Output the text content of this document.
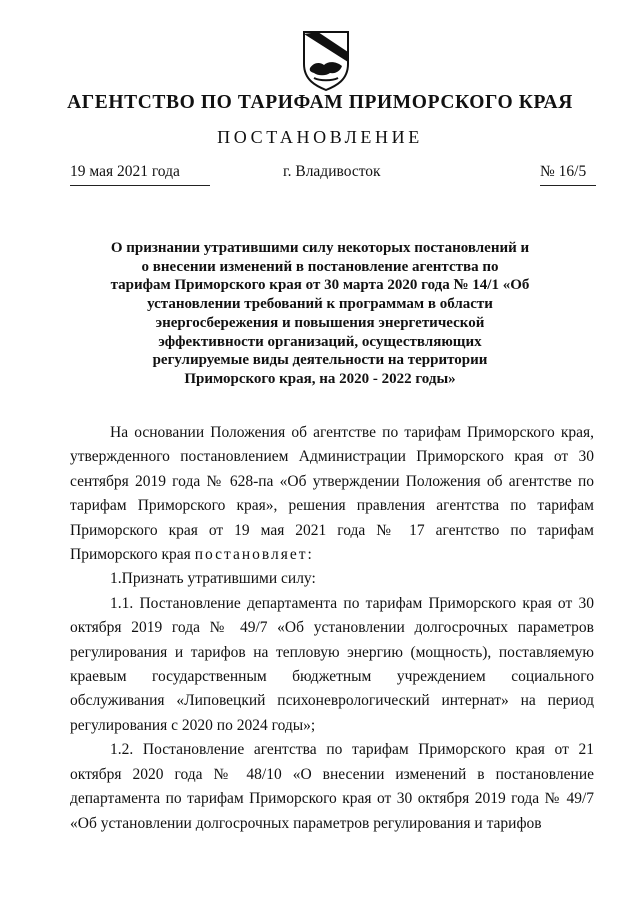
АГЕНТСТВО ПО ТАРИФАМ ПРИМОРСКОГО КРАЯ
ПОСТАНОВЛЕНИЕ
19 мая 2021 года	г. Владивосток	№ 16/5
О признании утратившими силу некоторых постановлений и о внесении изменений в постановление агентства по тарифам Приморского края от 30 марта 2020 года № 14/1 «Об установлении требований к программам в области энергосбережения и повышения энергетической эффективности организаций, осуществляющих регулируемые виды деятельности на территории Приморского края, на 2020 - 2022 годы»

На основании Положения об агентстве по тарифам Приморского края, утвержденного постановлением Администрации Приморского края от 30 сентября 2019 года № 628-па «Об утверждении Положения об агентстве по тарифам Приморского края», решения правления агентства по тарифам Приморского края от 19 мая 2021 года № 17 агентство по тарифам Приморского края постановляет:

1.Признать утратившими силу:

1.1. Постановление департамента по тарифам Приморского края от 30 октября 2019 года № 49/7 «Об установлении долгосрочных параметров регулирования и тарифов на тепловую энергию (мощность), поставляемую краевым государственным бюджетным учреждением социального обслуживания «Липовецкий психоневрологический интернат» на период регулирования с 2020 по 2024 годы»;

1.2. Постановление агентства по тарифам Приморского края от 21 октября 2020 года № 48/10 «О внесении изменений в постановление департамента по тарифам Приморского края от 30 октября 2019 года № 49/7 «Об установлении долгосрочных параметров регулирования и тарифов
